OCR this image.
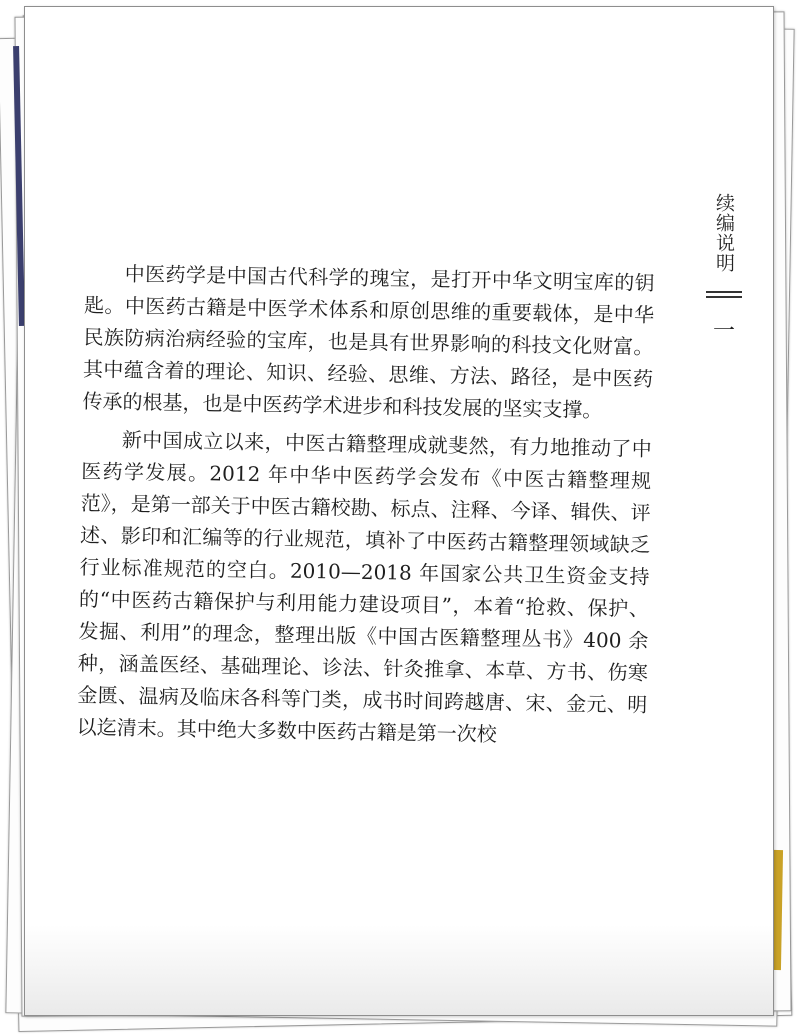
续编说明
一

中医药学是中国古代科学的瑰宝，是打开中华文明宝库的钥匙。中医药古籍是中医学术体系和原创思维的重要载体，是中华民族防病治病经验的宝库，也是具有世界影响的科技文化财富。其中蕴含着的理论、知识、经验、思维、方法、路径，是中医药传承的根基，也是中医药学术进步和科技发展的坚实支撑。

新中国成立以来，中医古籍整理成就斐然，有力地推动了中医药学发展。2012 年中华中医药学会发布《中医古籍整理规范》，是第一部关于中医古籍校勘、标点、注释、今译、辑佚、评述、影印和汇编等的行业规范，填补了中医药古籍整理领域缺乏行业标准规范的空白。2010—2018 年国家公共卫生资金支持的“中医药古籍保护与利用能力建设项目”，本着“抢救、保护、发掘、利用”的理念，整理出版《中国古医籍整理丛书》400 余种，涵盖医经、基础理论、诊法、针灸推拿、本草、方书、伤寒金匮、温病及临床各科等门类，成书时间跨越唐、宋、金元、明以迄清末。其中绝大多数中医药古籍是第一次校
